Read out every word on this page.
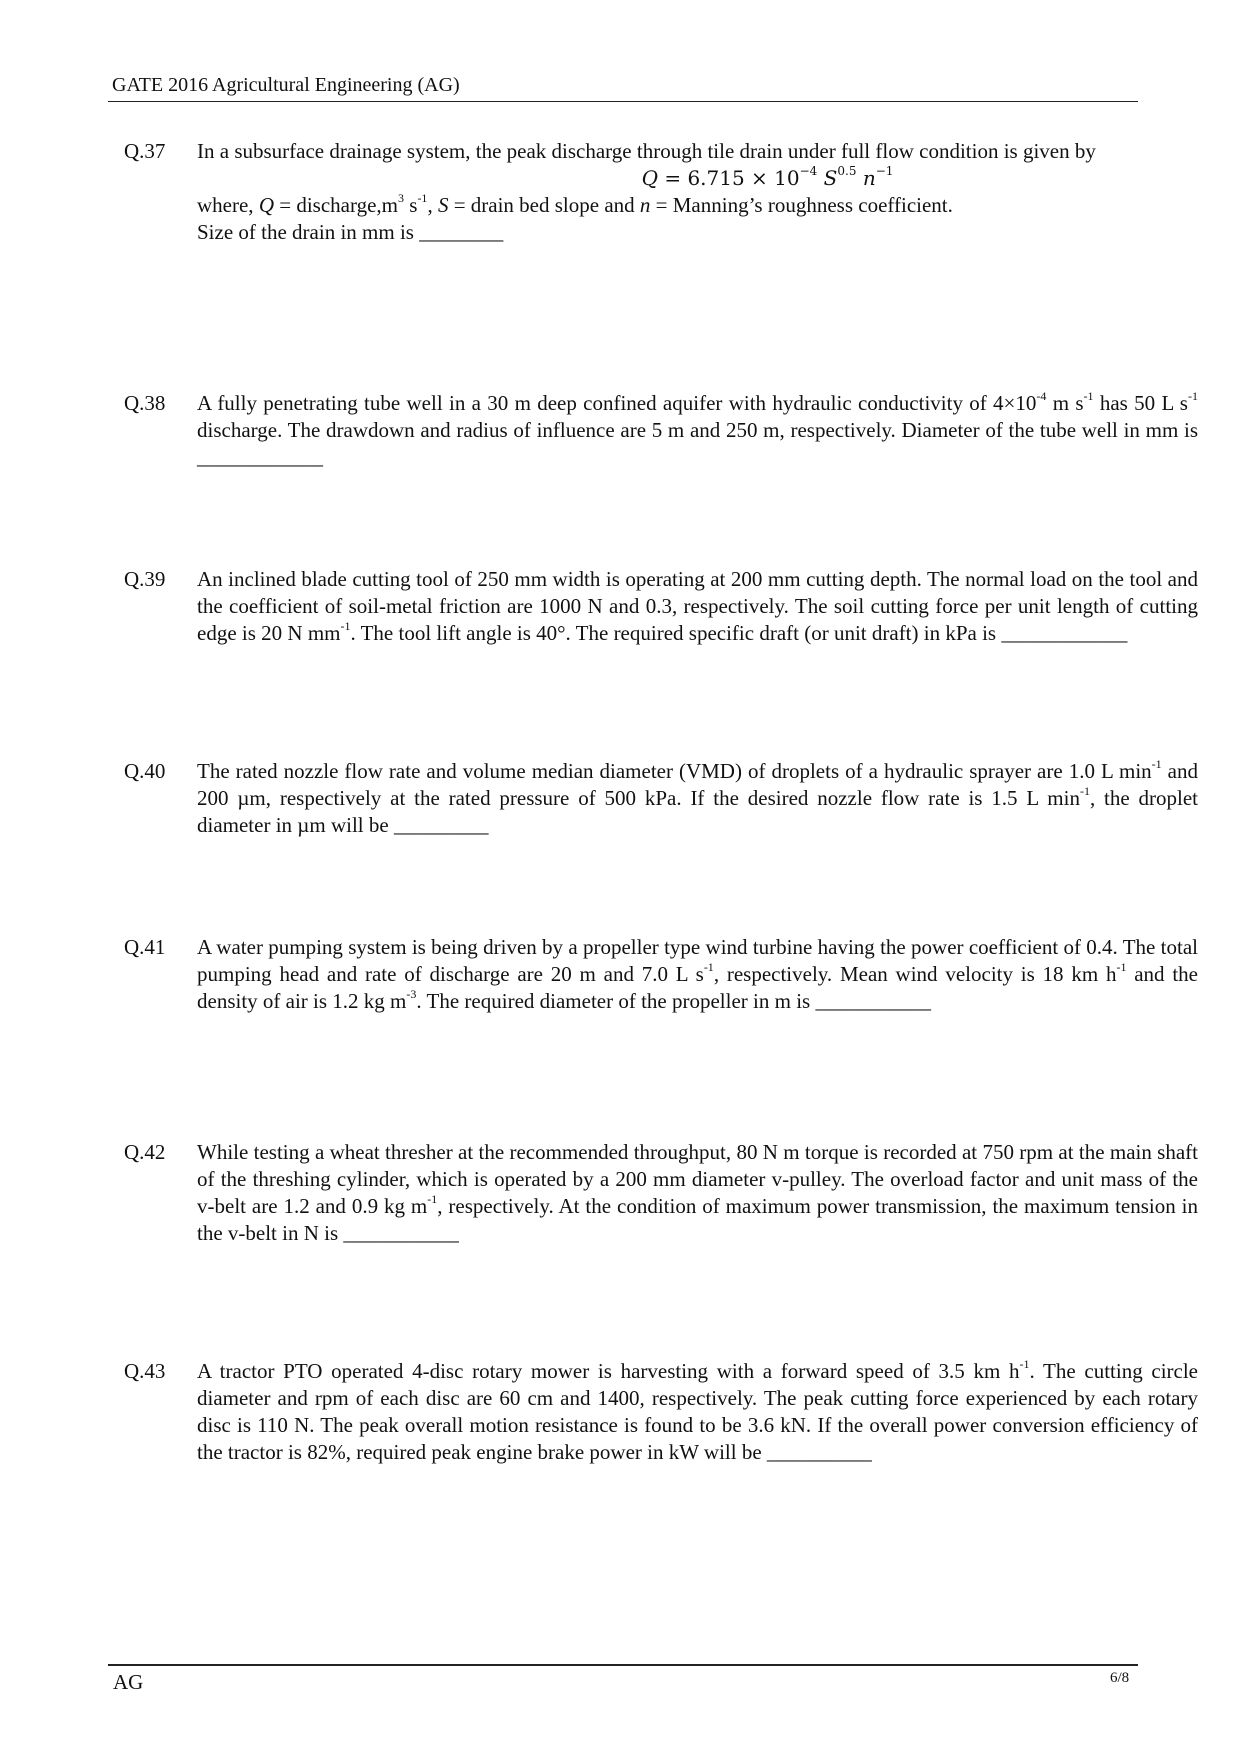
GATE 2016 Agricultural Engineering (AG)
Q.37 In a subsurface drainage system, the peak discharge through tile drain under full flow condition is given by

$Q = 6.715 \times 10^{-4}$ $S^{0.5}$ $n^{-1}$

where, $Q = discharge,m^3$ $s^{-1}$, S = drain bed slope and n = Manning’s roughness coefficient.

Size of the drain in mm is ________

Q.38 A fully penetrating tube well in a 30 m deep confined aquifer with hydraulic conductivity of $4\times 10^{-4}$ m $s^{-1}$ has 50 L $s^{-1}$ discharge. The drawdown and radius of influence are 5 m and 250 m, respectively. Diameter of the tube well in mm is ____________

Q.39 An inclined blade cutting tool of 250 mm width is operating at 200 mm cutting depth. The normal load on the tool and the coefficient of soil-metal friction are 1000 N and 0.3, respectively. The soil cutting force per unit length of cutting edge is 20 N $mm^{-1}$. The tool lift angle is 40°. The required specific draft (or unit draft) in kPa is ____________

Q.40 The rated nozzle flow rate and volume median diameter (VMD) of droplets of a hydraulic sprayer are 1.0 L $\min^{-1}$ and 200 µm, respectively at the rated pressure of 500 kPa. If the desired nozzle flow rate is 1.5 L $\min^{-1}$, the droplet diameter in µm will be _________

Q.41 A water pumping system is being driven by a propeller type wind turbine having the power coefficient of 0.4. The total pumping head and rate of discharge are 20 m and 7.0 L $s^{-1}$, respectively. Mean wind velocity is 18 km $h^{-1}$ and the density of air is 1.2 kg $m^{-3}$. The required diameter of the propeller in m is ___________

Q.42 While testing a wheat thresher at the recommended throughput, 80 N m torque is recorded at 750 rpm at the main shaft of the threshing cylinder, which is operated by a 200 mm diameter v-pulley. The overload factor and unit mass of the v-belt are 1.2 and 0.9 kg $m^{-1}$, respectively. At the condition of maximum power transmission, the maximum tension in the v-belt in N is ___________

Q.43 A tractor PTO operated 4-disc rotary mower is harvesting with a forward speed of 3.5 km $h^{-1}$. The cutting circle diameter and rpm of each disc are 60 cm and 1400, respectively. The peak cutting force experienced by each rotary disc is 110 N. The peak overall motion resistance is found to be 3.6 kN. If the overall power conversion efficiency of the tractor is 82%, required peak engine brake power in kW will be __________

AG	6/8
